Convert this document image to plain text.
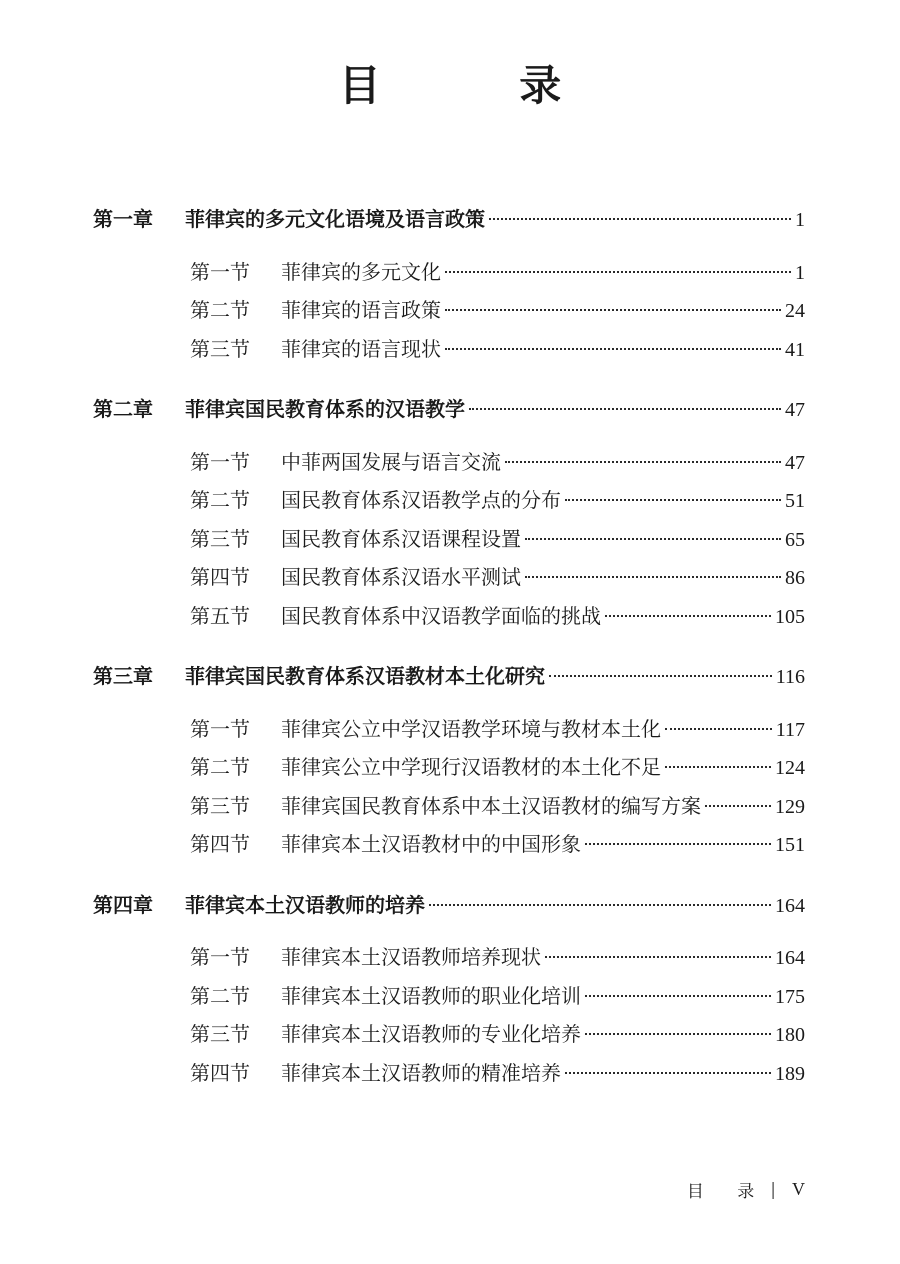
目 录
第一章	菲律宾的多元文化语境及语言政策	1
第一节	菲律宾的多元文化	1
第二节	菲律宾的语言政策	24
第三节	菲律宾的语言现状	41
第二章	菲律宾国民教育体系的汉语教学	47
第一节	中菲两国发展与语言交流	47
第二节	国民教育体系汉语教学点的分布	51
第三节	国民教育体系汉语课程设置	65
第四节	国民教育体系汉语水平测试	86
第五节	国民教育体系中汉语教学面临的挑战	105
第三章	菲律宾国民教育体系汉语教材本土化研究	116
第一节	菲律宾公立中学汉语教学环境与教材本土化	117
第二节	菲律宾公立中学现行汉语教材的本土化不足	124
第三节	菲律宾国民教育体系中本土汉语教材的编写方案	129
第四节	菲律宾本土汉语教材中的中国形象	151
第四章	菲律宾本土汉语教师的培养	164
第一节	菲律宾本土汉语教师培养现状	164
第二节	菲律宾本土汉语教师的职业化培训	175
第三节	菲律宾本土汉语教师的专业化培养	180
第四节	菲律宾本土汉语教师的精准培养	189
目 录 | V
